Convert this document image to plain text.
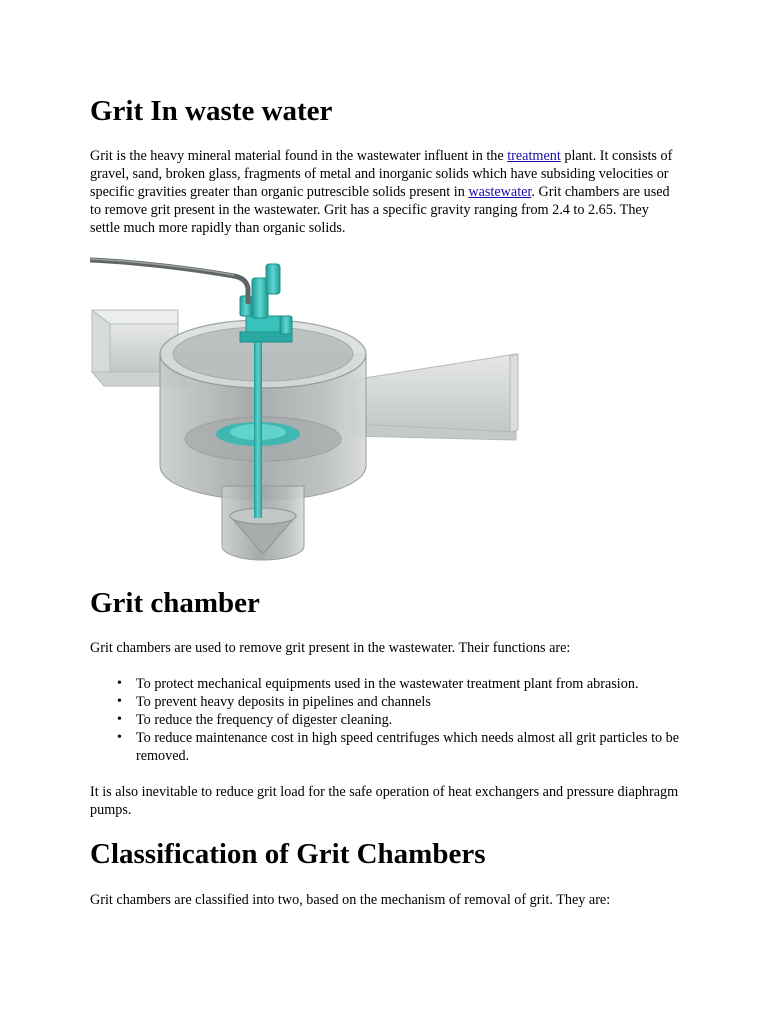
Grit In waste water

Grit is the heavy mineral material found in the wastewater influent in the treatment plant. It consists of gravel, sand, broken glass, fragments of metal and inorganic solids which have subsiding velocities or specific gravities greater than organic putrescible solids present in wastewater. Grit chambers are used to remove grit present in the wastewater. Grit has a specific gravity ranging from 2.4 to 2.65. They settle much more rapidly than organic solids.

Grit chamber

Grit chambers are used to remove grit present in the wastewater. Their functions are:

• To protect mechanical equipments used in the wastewater treatment plant from abrasion.
• To prevent heavy deposits in pipelines and channels
• To reduce the frequency of digester cleaning.
• To reduce maintenance cost in high speed centrifuges which needs almost all grit particles to be removed.

It is also inevitable to reduce grit load for the safe operation of heat exchangers and pressure diaphragm pumps.

Classification of Grit Chambers

Grit chambers are classified into two, based on the mechanism of removal of grit. They are:
